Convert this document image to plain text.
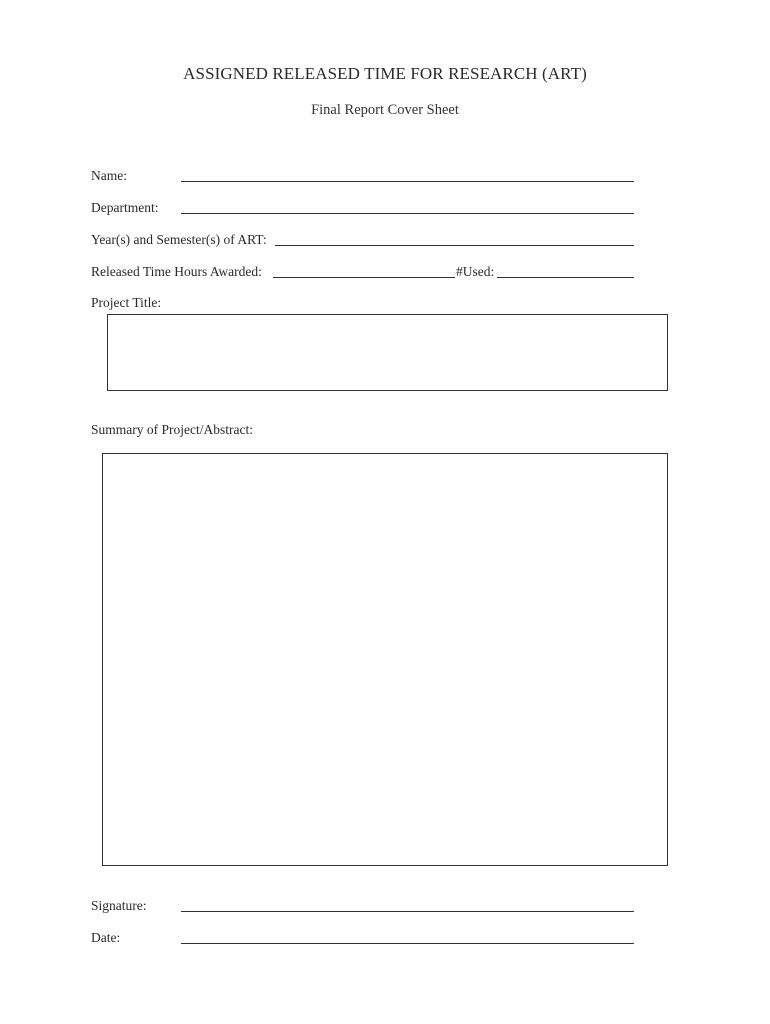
ASSIGNED RELEASED TIME FOR RESEARCH (ART)
Final Report Cover Sheet
Name:
Department:
Year(s) and Semester(s) of ART:
Released Time Hours Awarded:	#Used:
Project Title:
Summary of Project/Abstract:
Signature:
Date:
